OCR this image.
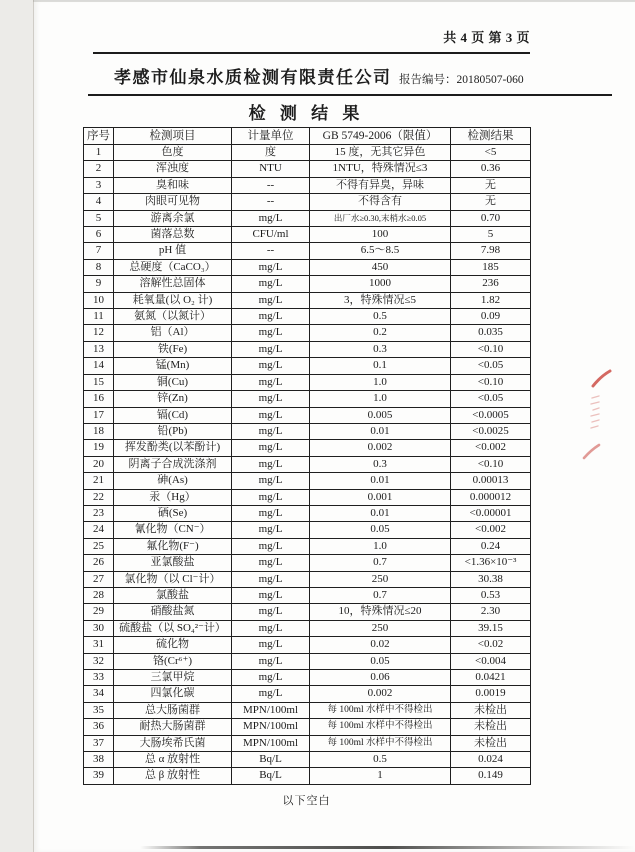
共 4 页 第 3 页
孝感市仙泉水质检测有限责任公司 报告编号：20180507-060
检 测 结 果
序号	检测项目	计量单位	GB 5749-2006（限值）	检测结果
1	色度	度	15 度，无其它异色	<5
2	浑浊度	NTU	1NTU，特殊情况≤3	0.36
3	臭和味	--	不得有异臭，异味	无
4	肉眼可见物	--	不得含有	无
5	游离余氯	mg/L	出厂水≥0.30,末梢水≥0.05	0.70
6	菌落总数	CFU/ml	100	5
7	pH 值	--	6.5～8.5	7.98
8	总硬度（CaCO₃）	mg/L	450	185
9	溶解性总固体	mg/L	1000	236
10	耗氧量(以 O₂ 计)	mg/L	3，特殊情况≤5	1.82
11	氨氮（以氮计）	mg/L	0.5	0.09
12	铝（Al）	mg/L	0.2	0.035
13	铁(Fe)	mg/L	0.3	<0.10
14	锰(Mn)	mg/L	0.1	<0.05
15	铜(Cu)	mg/L	1.0	<0.10
16	锌(Zn)	mg/L	1.0	<0.05
17	镉(Cd)	mg/L	0.005	<0.0005
18	铅(Pb)	mg/L	0.01	<0.0025
19	挥发酚类(以苯酚计)	mg/L	0.002	<0.002
20	阴离子合成洗涤剂	mg/L	0.3	<0.10
21	砷(As)	mg/L	0.01	0.00013
22	汞（Hg）	mg/L	0.001	0.000012
23	硒(Se)	mg/L	0.01	<0.00001
24	氰化物（CN⁻）	mg/L	0.05	<0.002
25	氟化物(F⁻)	mg/L	1.0	0.24
26	亚氯酸盐	mg/L	0.7	<1.36×10⁻³
27	氯化物（以 Cl⁻计）	mg/L	250	30.38
28	氯酸盐	mg/L	0.7	0.53
29	硝酸盐氮	mg/L	10，特殊情况≤20	2.30
30	硫酸盐（以 SO₄²⁻计）	mg/L	250	39.15
31	硫化物	mg/L	0.02	<0.02
32	铬(Cr⁶⁺)	mg/L	0.05	<0.004
33	三氯甲烷	mg/L	0.06	0.0421
34	四氯化碳	mg/L	0.002	0.0019
35	总大肠菌群	MPN/100ml	每 100ml 水样中不得检出	未检出
36	耐热大肠菌群	MPN/100ml	每 100ml 水样中不得检出	未检出
37	大肠埃希氏菌	MPN/100ml	每 100ml 水样中不得检出	未检出
38	总 α 放射性	Bq/L	0.5	0.024
39	总 β 放射性	Bq/L	1	0.149
以下空白
